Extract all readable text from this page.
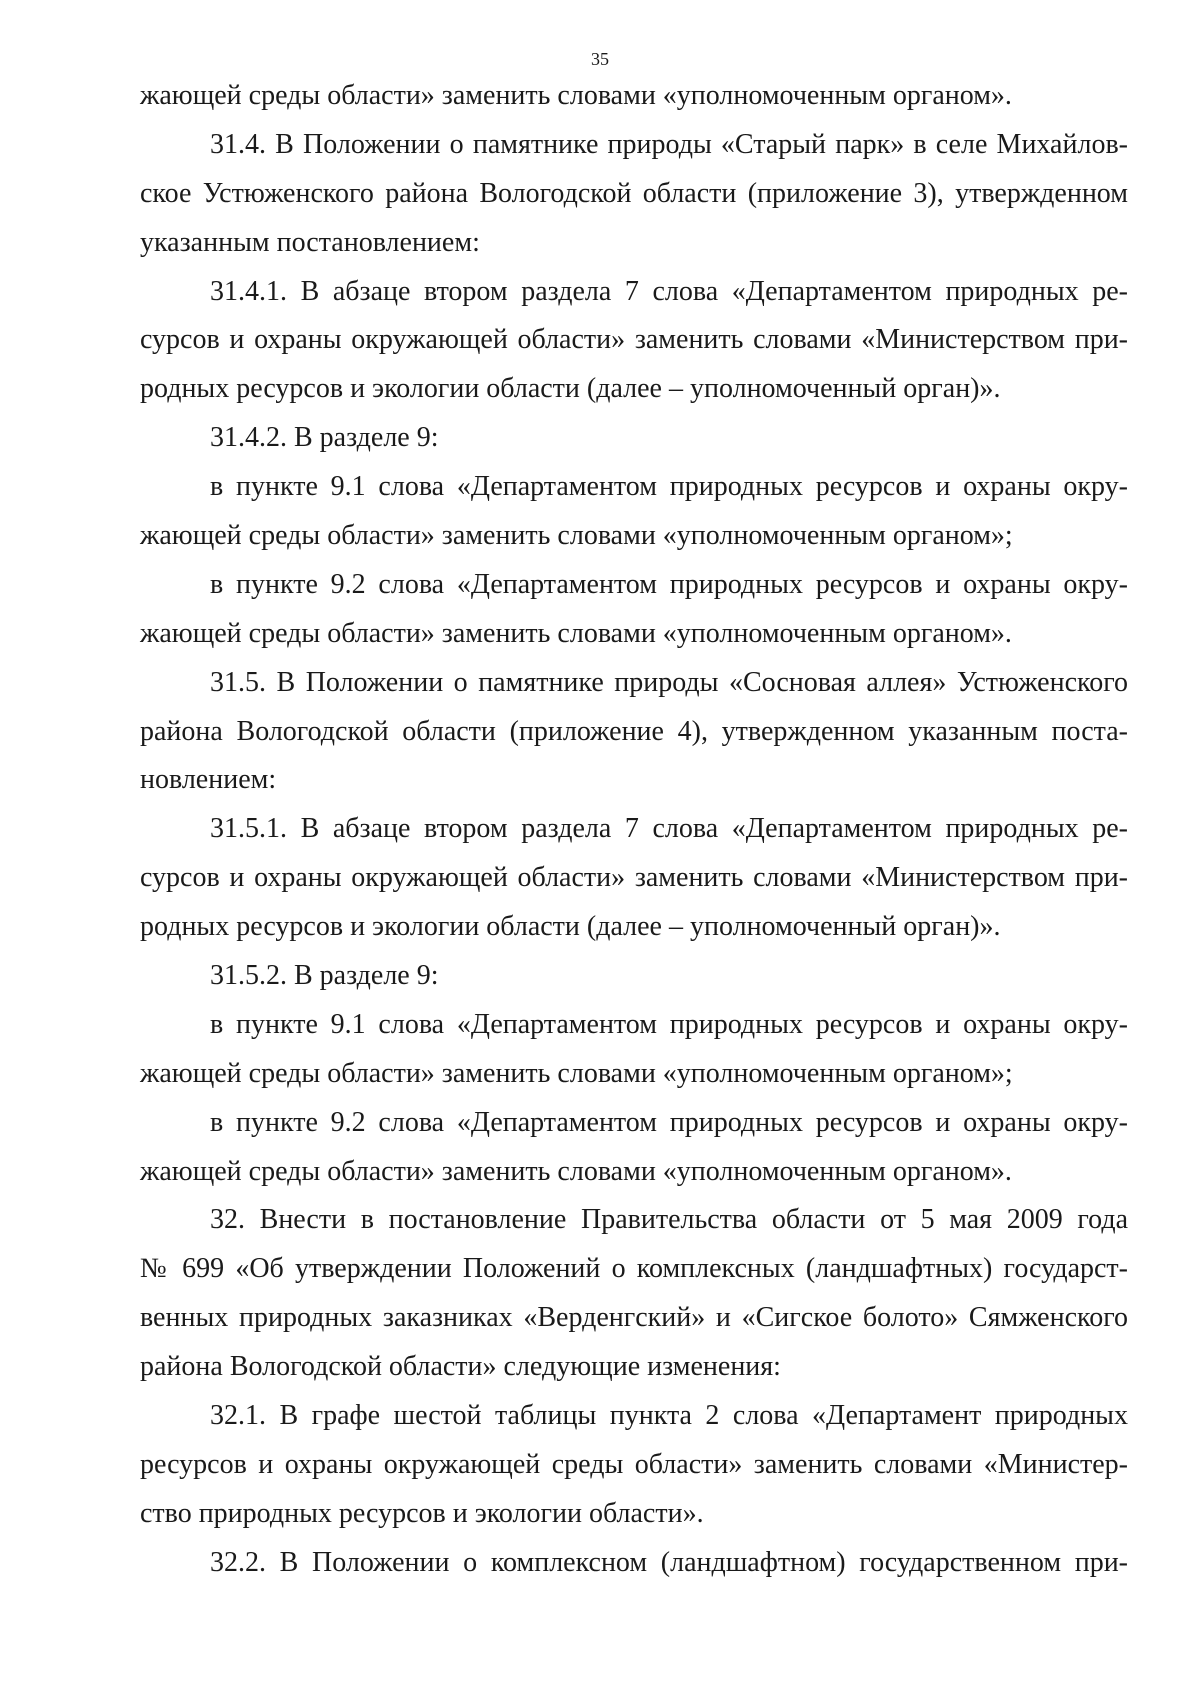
35
жающей среды области» заменить словами «уполномоченным органом».
31.4. В Положении о памятнике природы «Старый парк» в селе Михайлов-
ское Устюженского района Вологодской области (приложение 3), утвержденном
указанным постановлением:
31.4.1. В абзаце втором раздела 7 слова «Департаментом природных ре-
сурсов и охраны окружающей области» заменить словами «Министерством при-
родных ресурсов и экологии области (далее – уполномоченный орган)».
31.4.2. В разделе 9:
в пункте 9.1 слова «Департаментом природных ресурсов и охраны окру-
жающей среды области» заменить словами «уполномоченным органом»;
в пункте 9.2 слова «Департаментом природных ресурсов и охраны окру-
жающей среды области» заменить словами «уполномоченным органом».
31.5. В Положении о памятнике природы «Сосновая аллея» Устюженского
района Вологодской области (приложение 4), утвержденном указанным поста-
новлением:
31.5.1. В абзаце втором раздела 7 слова «Департаментом природных ре-
сурсов и охраны окружающей области» заменить словами «Министерством при-
родных ресурсов и экологии области (далее – уполномоченный орган)».
31.5.2. В разделе 9:
в пункте 9.1 слова «Департаментом природных ресурсов и охраны окру-
жающей среды области» заменить словами «уполномоченным органом»;
в пункте 9.2 слова «Департаментом природных ресурсов и охраны окру-
жающей среды области» заменить словами «уполномоченным органом».
32. Внести в постановление Правительства области от 5 мая 2009 года
№ 699 «Об утверждении Положений о комплексных (ландшафтных) государст-
венных природных заказниках «Верденгский» и «Сигское болото» Сямженского
района Вологодской области» следующие изменения:
32.1. В графе шестой таблицы пункта 2 слова «Департамент природных
ресурсов и охраны окружающей среды области» заменить словами «Министер-
ство природных ресурсов и экологии области».
32.2. В Положении о комплексном (ландшафтном) государственном при-
